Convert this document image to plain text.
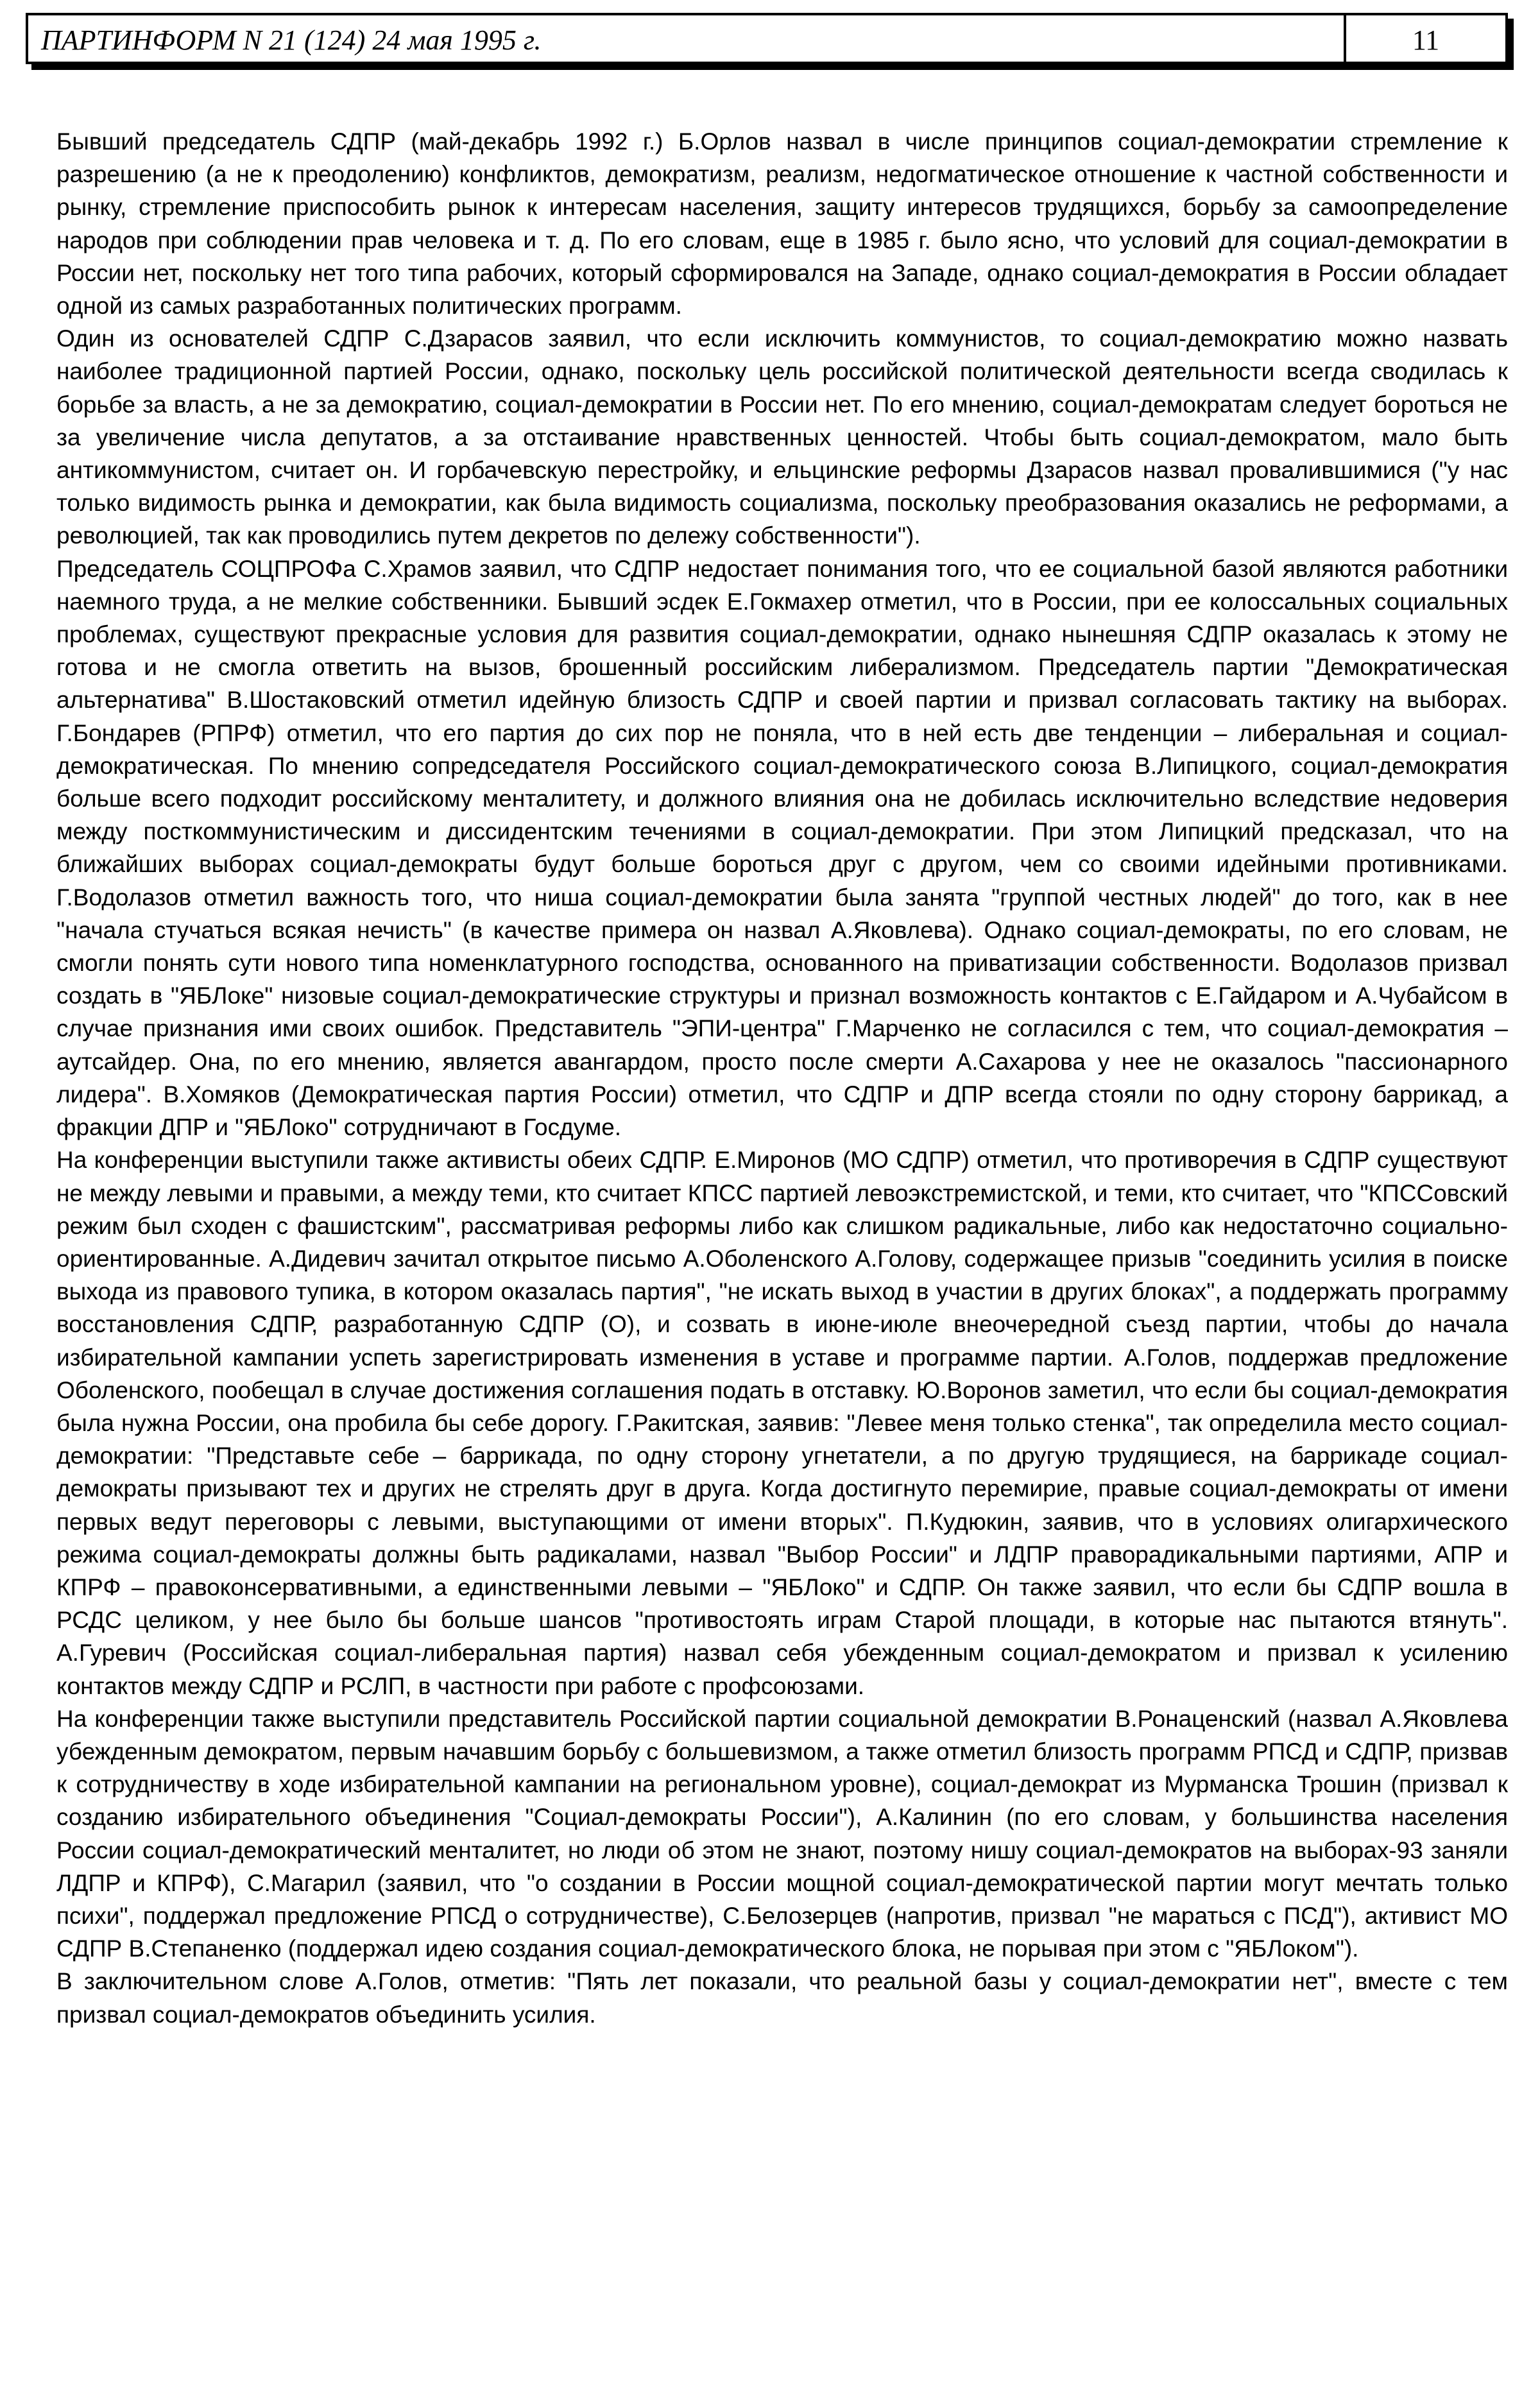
ПАРТИНФОРМ N 21 (124) 24 мая 1995 г.	11

Бывший председатель СДПР (май-декабрь 1992 г.) Б.Орлов назвал в числе принципов социал-демократии стремление к разрешению (а не к преодолению) конфликтов, демократизм, реализм, недогматическое отношение к частной собственности и рынку, стремление приспособить рынок к интересам населения, защиту интересов трудящихся, борьбу за самоопределение народов при соблюдении прав человека и т. д. По его словам, еще в 1985 г. было ясно, что условий для социал-демократии в России нет, поскольку нет того типа рабочих, который сформировался на Западе, однако социал-демократия в России обладает одной из самых разработанных политических программ.

Один из основателей СДПР С.Дзарасов заявил, что если исключить коммунистов, то социал-демократию можно назвать наиболее традиционной партией России, однако, поскольку цель российской политической деятельности всегда сводилась к борьбе за власть, а не за демократию, социал-демократии в России нет. По его мнению, социал-демократам следует бороться не за увеличение числа депутатов, а за отстаивание нравственных ценностей. Чтобы быть социал-демократом, мало быть антикоммунистом, считает он. И горбачевскую перестройку, и ельцинские реформы Дзарасов назвал провалившимися ("у нас только видимость рынка и демократии, как была видимость социализма, поскольку преобразования оказались не реформами, а революцией, так как проводились путем декретов по дележу собственности").

Председатель СОЦПРОФа С.Храмов заявил, что СДПР недостает понимания того, что ее социальной базой являются работники наемного труда, а не мелкие собственники. Бывший эсдек Е.Гокмахер отметил, что в России, при ее колоссальных социальных проблемах, существуют прекрасные условия для развития социал-демократии, однако нынешняя СДПР оказалась к этому не готова и не смогла ответить на вызов, брошенный российским либерализмом. Председатель партии "Демократическая альтернатива" В.Шостаковский отметил идейную близость СДПР и своей партии и призвал согласовать тактику на выборах. Г.Бондарев (РПРФ) отметил, что его партия до сих пор не поняла, что в ней есть две тенденции – либеральная и социал-демократическая. По мнению сопредседателя Российского социал-демократического союза В.Липицкого, социал-демократия больше всего подходит российскому менталитету, и должного влияния она не добилась исключительно вследствие недоверия между посткоммунистическим и диссидентским течениями в социал-демократии. При этом Липицкий предсказал, что на ближайших выборах социал-демократы будут больше бороться друг с другом, чем со своими идейными противниками. Г.Водолазов отметил важность того, что ниша социал-демократии была занята "группой честных людей" до того, как в нее "начала стучаться всякая нечисть" (в качестве примера он назвал А.Яковлева). Однако социал-демократы, по его словам, не смогли понять сути нового типа номенклатурного господства, основанного на приватизации собственности. Водолазов призвал создать в "ЯБЛоке" низовые социал-демократические структуры и признал возможность контактов с Е.Гайдаром и А.Чубайсом в случае признания ими своих ошибок. Представитель "ЭПИ-центра" Г.Марченко не согласился с тем, что социал-демократия – аутсайдер. Она, по его мнению, является авангардом, просто после смерти А.Сахарова у нее не оказалось "пассионарного лидера". В.Хомяков (Демократическая партия России) отметил, что СДПР и ДПР всегда стояли по одну сторону баррикад, а фракции ДПР и "ЯБЛоко" сотрудничают в Госдуме.

На конференции выступили также активисты обеих СДПР. Е.Миронов (МО СДПР) отметил, что противоречия в СДПР существуют не между левыми и правыми, а между теми, кто считает КПСС партией левоэкстремистской, и теми, кто считает, что "КПССовский режим был сходен с фашистским", рассматривая реформы либо как слишком радикальные, либо как недостаточно социально-ориентированные. А.Дидевич зачитал открытое письмо А.Оболенского А.Голову, содержащее призыв "соединить усилия в поиске выхода из правового тупика, в котором оказалась партия", "не искать выход в участии в других блоках", а поддержать программу восстановления СДПР, разработанную СДПР (О), и созвать в июне-июле внеочередной съезд партии, чтобы до начала избирательной кампании успеть зарегистрировать изменения в уставе и программе партии. А.Голов, поддержав предложение Оболенского, пообещал в случае достижения соглашения подать в отставку. Ю.Воронов заметил, что если бы социал-демократия была нужна России, она пробила бы себе дорогу. Г.Ракитская, заявив: "Левее меня только стенка", так определила место социал-демократии: "Представьте себе – баррикада, по одну сторону угнетатели, а по другую трудящиеся, на баррикаде социал-демократы призывают тех и других не стрелять друг в друга. Когда достигнуто перемирие, правые социал-демократы от имени первых ведут переговоры с левыми, выступающими от имени вторых". П.Кудюкин, заявив, что в условиях олигархического режима социал-демократы должны быть радикалами, назвал "Выбор России" и ЛДПР праворадикальными партиями, АПР и КПРФ – правоконсервативными, а единственными левыми – "ЯБЛоко" и СДПР. Он также заявил, что если бы СДПР вошла в РСДС целиком, у нее было бы больше шансов "противостоять играм Старой площади, в которые нас пытаются втянуть". А.Гуревич (Российская социал-либеральная партия) назвал себя убежденным социал-демократом и призвал к усилению контактов между СДПР и РСЛП, в частности при работе с профсоюзами.

На конференции также выступили представитель Российской партии социальной демократии В.Ронаценский (назвал А.Яковлева убежденным демократом, первым начавшим борьбу с большевизмом, а также отметил близость программ РПСД и СДПР, призвав к сотрудничеству в ходе избирательной кампании на региональном уровне), социал-демократ из Мурманска Трошин (призвал к созданию избирательного объединения "Социал-демократы России"), А.Калинин (по его словам, у большинства населения России социал-демократический менталитет, но люди об этом не знают, поэтому нишу социал-демократов на выборах-93 заняли ЛДПР и КПРФ), С.Магарил (заявил, что "о создании в России мощной социал-демократической партии могут мечтать только психи", поддержал предложение РПСД о сотрудничестве), С.Белозерцев (напротив, призвал "не мараться с ПСД"), активист МО СДПР В.Степаненко (поддержал идею создания социал-демократического блока, не порывая при этом с "ЯБЛоком").

В заключительном слове А.Голов, отметив: "Пять лет показали, что реальной базы у социал-демократии нет", вместе с тем призвал социал-демократов объединить усилия.
